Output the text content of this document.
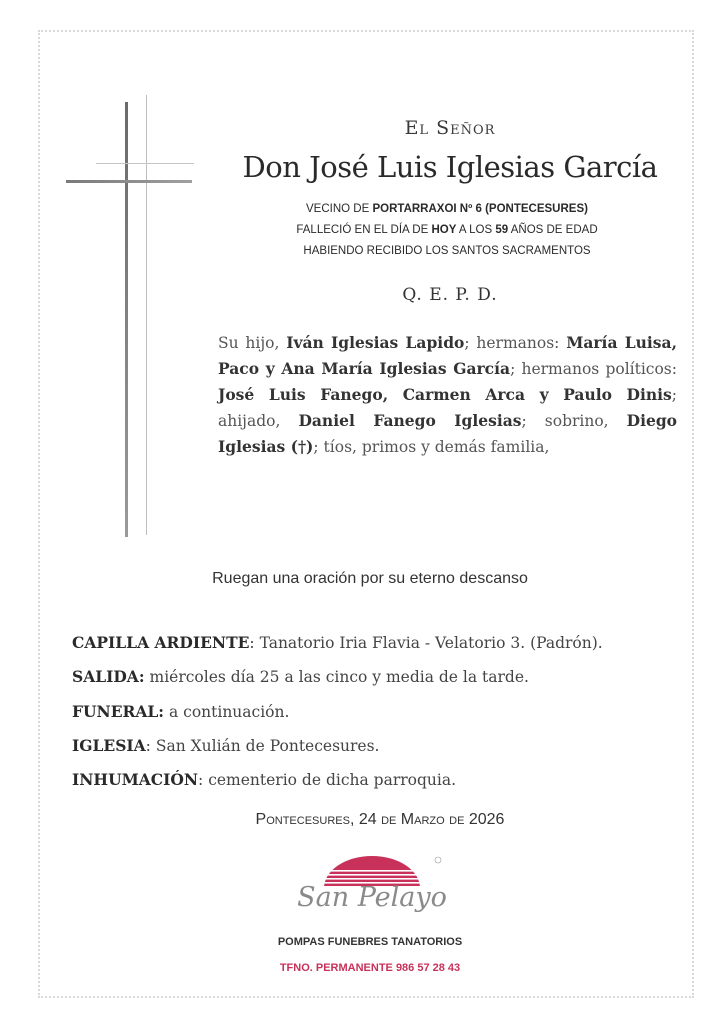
El Señor
Don José Luis Iglesias García
VECINO DE PORTARRAXOI Nº 6 (PONTECESURES)
FALLECIÓ EN EL DÍA DE HOY A LOS 59 AÑOS DE EDAD
HABIENDO RECIBIDO LOS SANTOS SACRAMENTOS
Q. E. P. D.
Su hijo, Iván Iglesias Lapido; hermanos: María Luisa, Paco y Ana María Iglesias García; hermanos políticos: José Luis Fanego, Carmen Arca y Paulo Dinis; ahijado, Daniel Fanego Iglesias; sobrino, Diego Iglesias (†); tíos, primos y demás familia,
Ruegan una oración por su eterno descanso
CAPILLA ARDIENTE: Tanatorio Iria Flavia - Velatorio 3. (Padrón).
SALIDA: miércoles día 25 a las cinco y media de la tarde.
FUNERAL: a continuación.
IGLESIA: San Xulián de Pontecesures.
INHUMACIÓN: cementerio de dicha parroquia.
Pontecesures, 24 de Marzo de 2026
San Pelayo
POMPAS FUNEBRES TANATORIOS
TFNO. PERMANENTE 986 57 28 43
